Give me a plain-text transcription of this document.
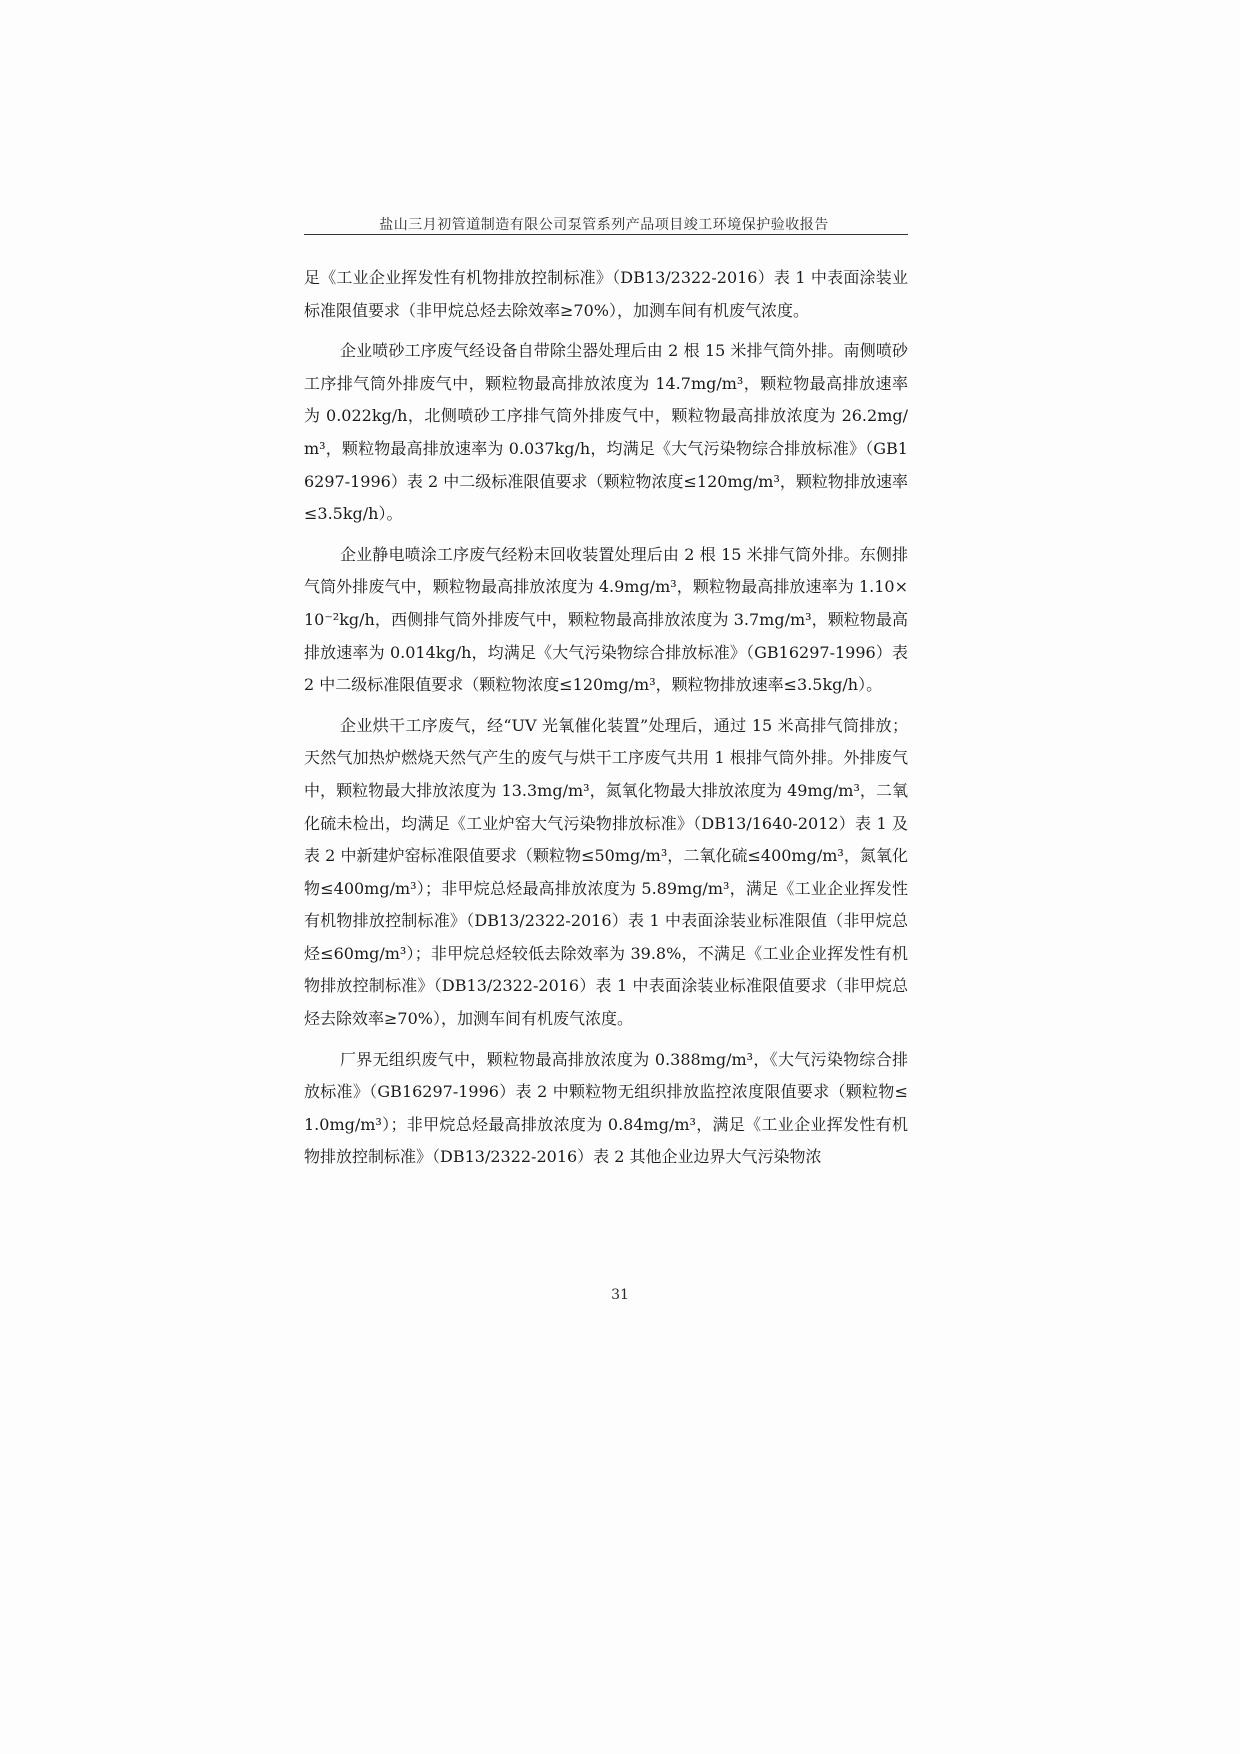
盐山三月初管道制造有限公司泵管系列产品项目竣工环境保护验收报告

足《工业企业挥发性有机物排放控制标准》（DB13/2322-2016）表 1 中表面涂装业标准限值要求（非甲烷总烃去除效率≥70%），加测车间有机废气浓度。

企业喷砂工序废气经设备自带除尘器处理后由 2 根 15 米排气筒外排。南侧喷砂工序排气筒外排废气中，颗粒物最高排放浓度为 14.7mg/m³，颗粒物最高排放速率为 0.022kg/h，北侧喷砂工序排气筒外排废气中，颗粒物最高排放浓度为 26.2mg/m³，颗粒物最高排放速率为 0.037kg/h，均满足《大气污染物综合排放标准》（GB16297-1996）表 2 中二级标准限值要求（颗粒物浓度≤120mg/m³，颗粒物排放速率≤3.5kg/h）。

企业静电喷涂工序废气经粉末回收装置处理后由 2 根 15 米排气筒外排。东侧排气筒外排废气中，颗粒物最高排放浓度为 4.9mg/m³，颗粒物最高排放速率为 1.10×10⁻²kg/h，西侧排气筒外排废气中，颗粒物最高排放浓度为 3.7mg/m³，颗粒物最高排放速率为 0.014kg/h，均满足《大气污染物综合排放标准》（GB16297-1996）表 2 中二级标准限值要求（颗粒物浓度≤120mg/m³，颗粒物排放速率≤3.5kg/h）。

企业烘干工序废气，经“UV 光氧催化装置”处理后，通过 15 米高排气筒排放；天然气加热炉燃烧天然气产生的废气与烘干工序废气共用 1 根排气筒外排。外排废气中，颗粒物最大排放浓度为 13.3mg/m³，氮氧化物最大排放浓度为 49mg/m³，二氧化硫未检出，均满足《工业炉窑大气污染物排放标准》（DB13/1640-2012）表 1 及表 2 中新建炉窑标准限值要求（颗粒物≤50mg/m³，二氧化硫≤400mg/m³，氮氧化物≤400mg/m³）；非甲烷总烃最高排放浓度为 5.89mg/m³，满足《工业企业挥发性有机物排放控制标准》（DB13/2322-2016）表 1 中表面涂装业标准限值（非甲烷总烃≤60mg/m³）；非甲烷总烃较低去除效率为 39.8%，不满足《工业企业挥发性有机物排放控制标准》（DB13/2322-2016）表 1 中表面涂装业标准限值要求（非甲烷总烃去除效率≥70%），加测车间有机废气浓度。

厂界无组织废气中，颗粒物最高排放浓度为 0.388mg/m³，《大气污染物综合排放标准》（GB16297-1996）表 2 中颗粒物无组织排放监控浓度限值要求（颗粒物≤1.0mg/m³）；非甲烷总烃最高排放浓度为 0.84mg/m³，满足《工业企业挥发性有机物排放控制标准》（DB13/2322-2016）表 2 其他企业边界大气污染物浓

31
